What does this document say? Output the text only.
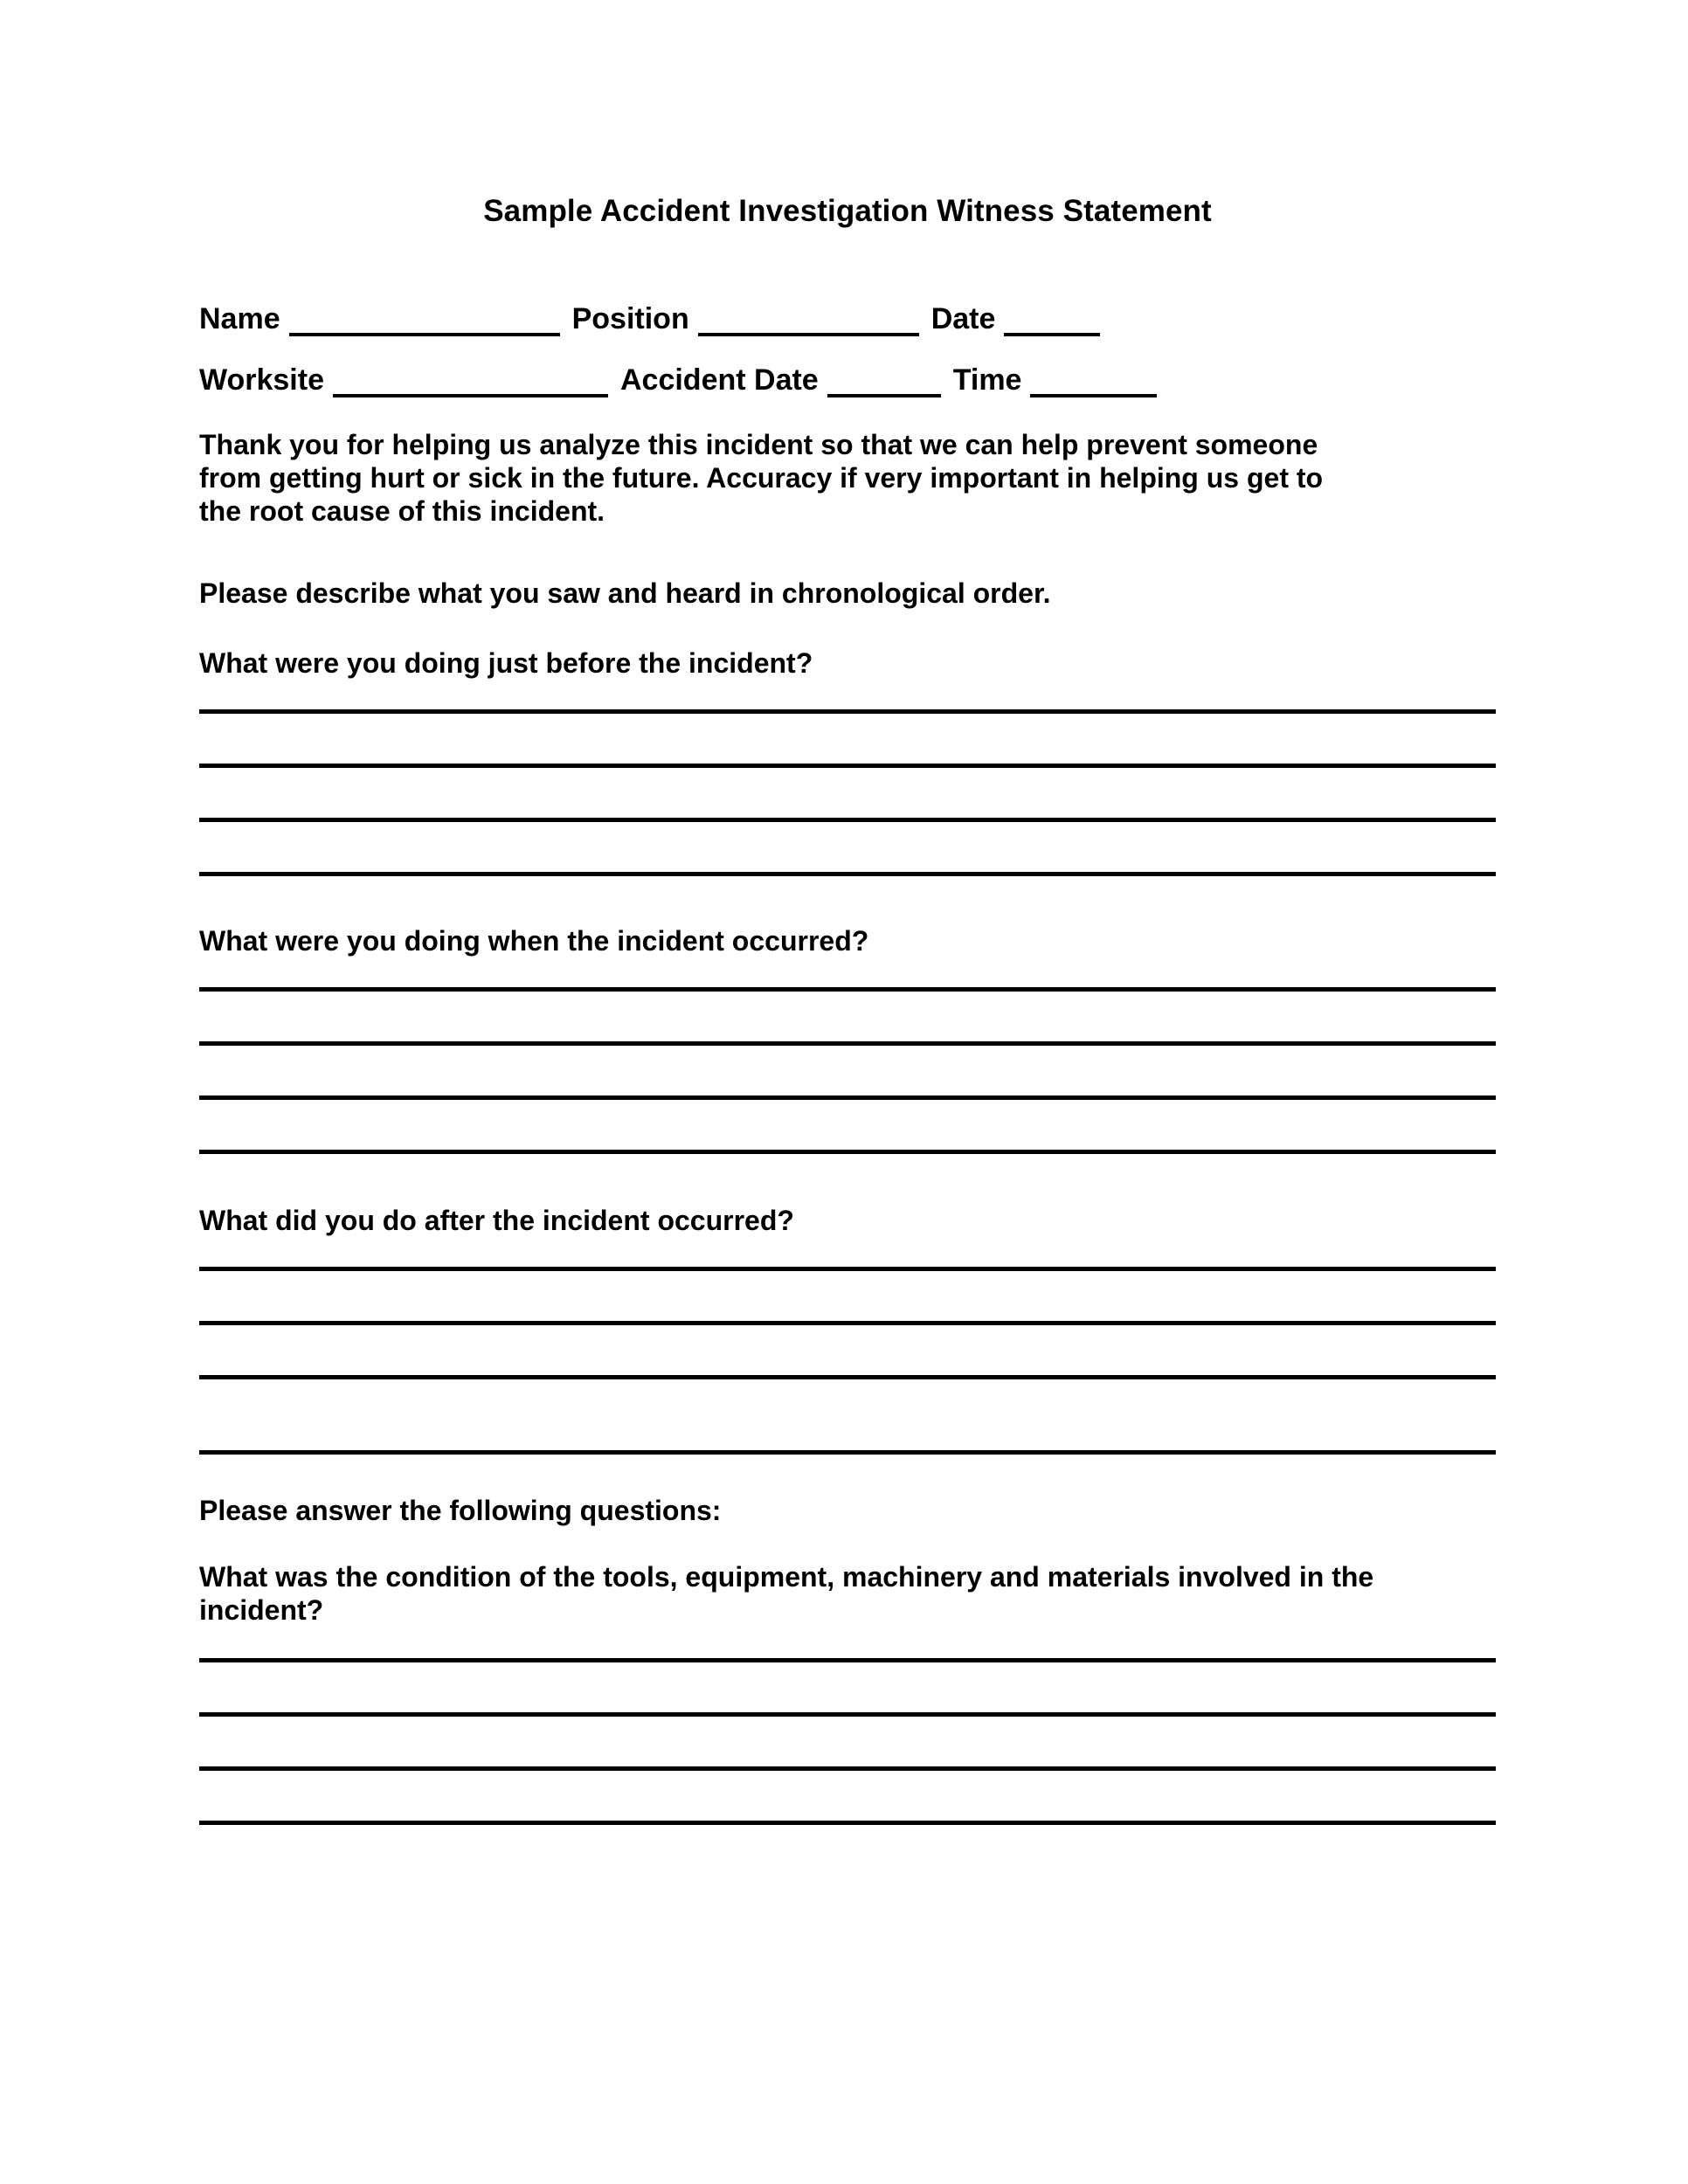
Sample Accident Investigation Witness Statement
Name	Position	Date
Worksite	Accident Date	Time
Thank you for helping us analyze this incident so that we can help prevent someone from getting hurt or sick in the future. Accuracy if very important in helping us get to the root cause of this incident.
Please describe what you saw and heard in chronological order.
What were you doing just before the incident?
What were you doing when the incident occurred?
What did you do after the incident occurred?
Please answer the following questions:
What was the condition of the tools, equipment, machinery and materials involved in the incident?
